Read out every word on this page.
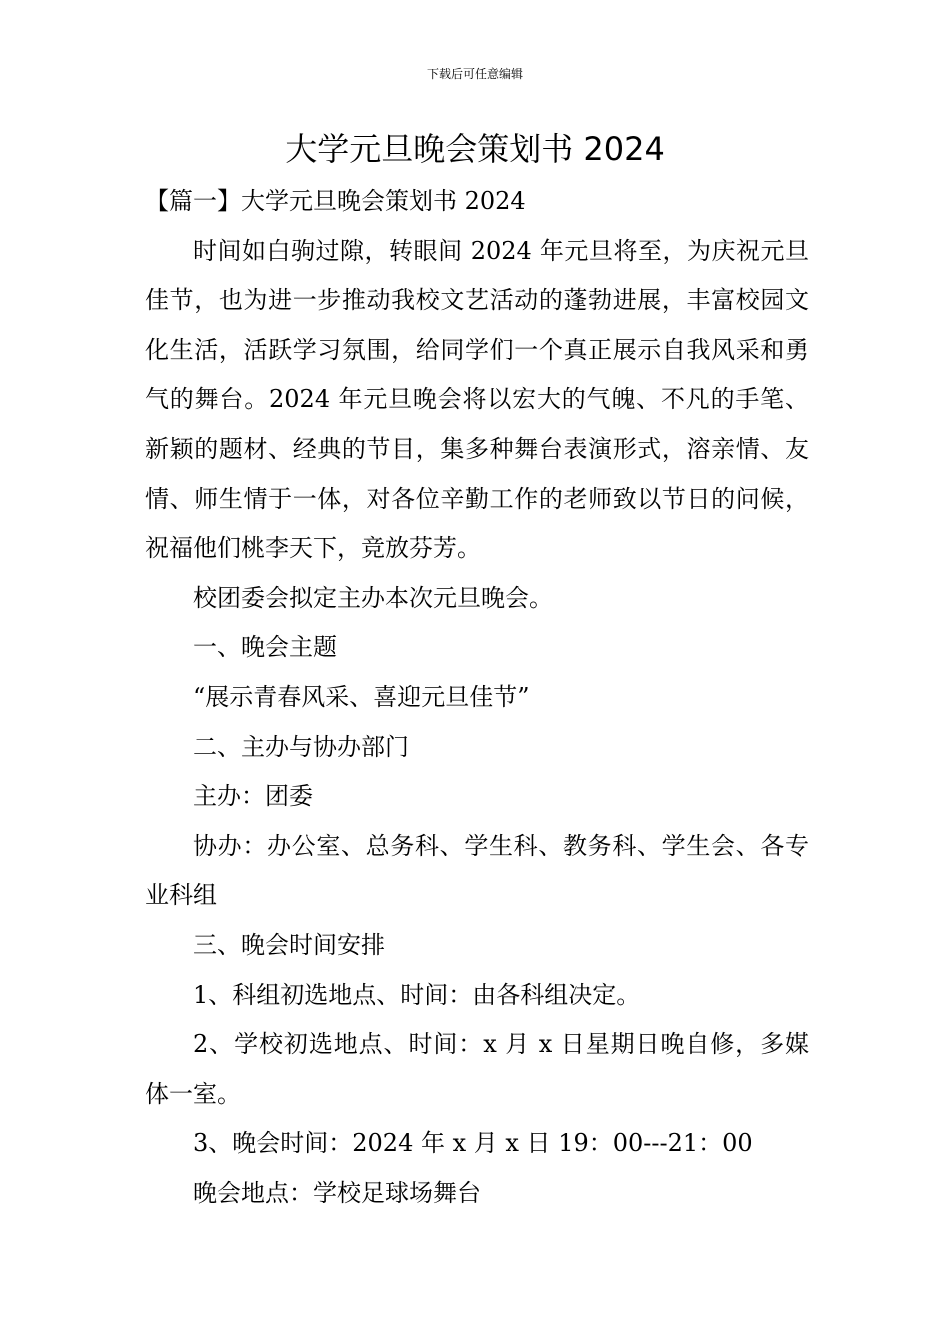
下载后可任意编辑
大学元旦晚会策划书 2024

【篇一】大学元旦晚会策划书 2024

时间如白驹过隙，转眼间 2024 年元旦将至，为庆祝元旦佳节，也为进一步推动我校文艺活动的蓬勃进展，丰富校园文化生活，活跃学习氛围，给同学们一个真正展示自我风采和勇气的舞台。2024 年元旦晚会将以宏大的气魄、不凡的手笔、新颖的题材、经典的节目，集多种舞台表演形式，溶亲情、友情、师生情于一体，对各位辛勤工作的老师致以节日的问候，祝福他们桃李天下，竞放芬芳。

校团委会拟定主办本次元旦晚会。

一、晚会主题

“展示青春风采、喜迎元旦佳节”

二、主办与协办部门

主办：团委

协办：办公室、总务科、学生科、教务科、学生会、各专业科组

三、晚会时间安排

1、科组初选地点、时间：由各科组决定。

2、学校初选地点、时间：x 月 x 日星期日晚自修，多媒体一室。

3、晚会时间：2024 年 x 月 x 日 19：00---21：00

晚会地点：学校足球场舞台
